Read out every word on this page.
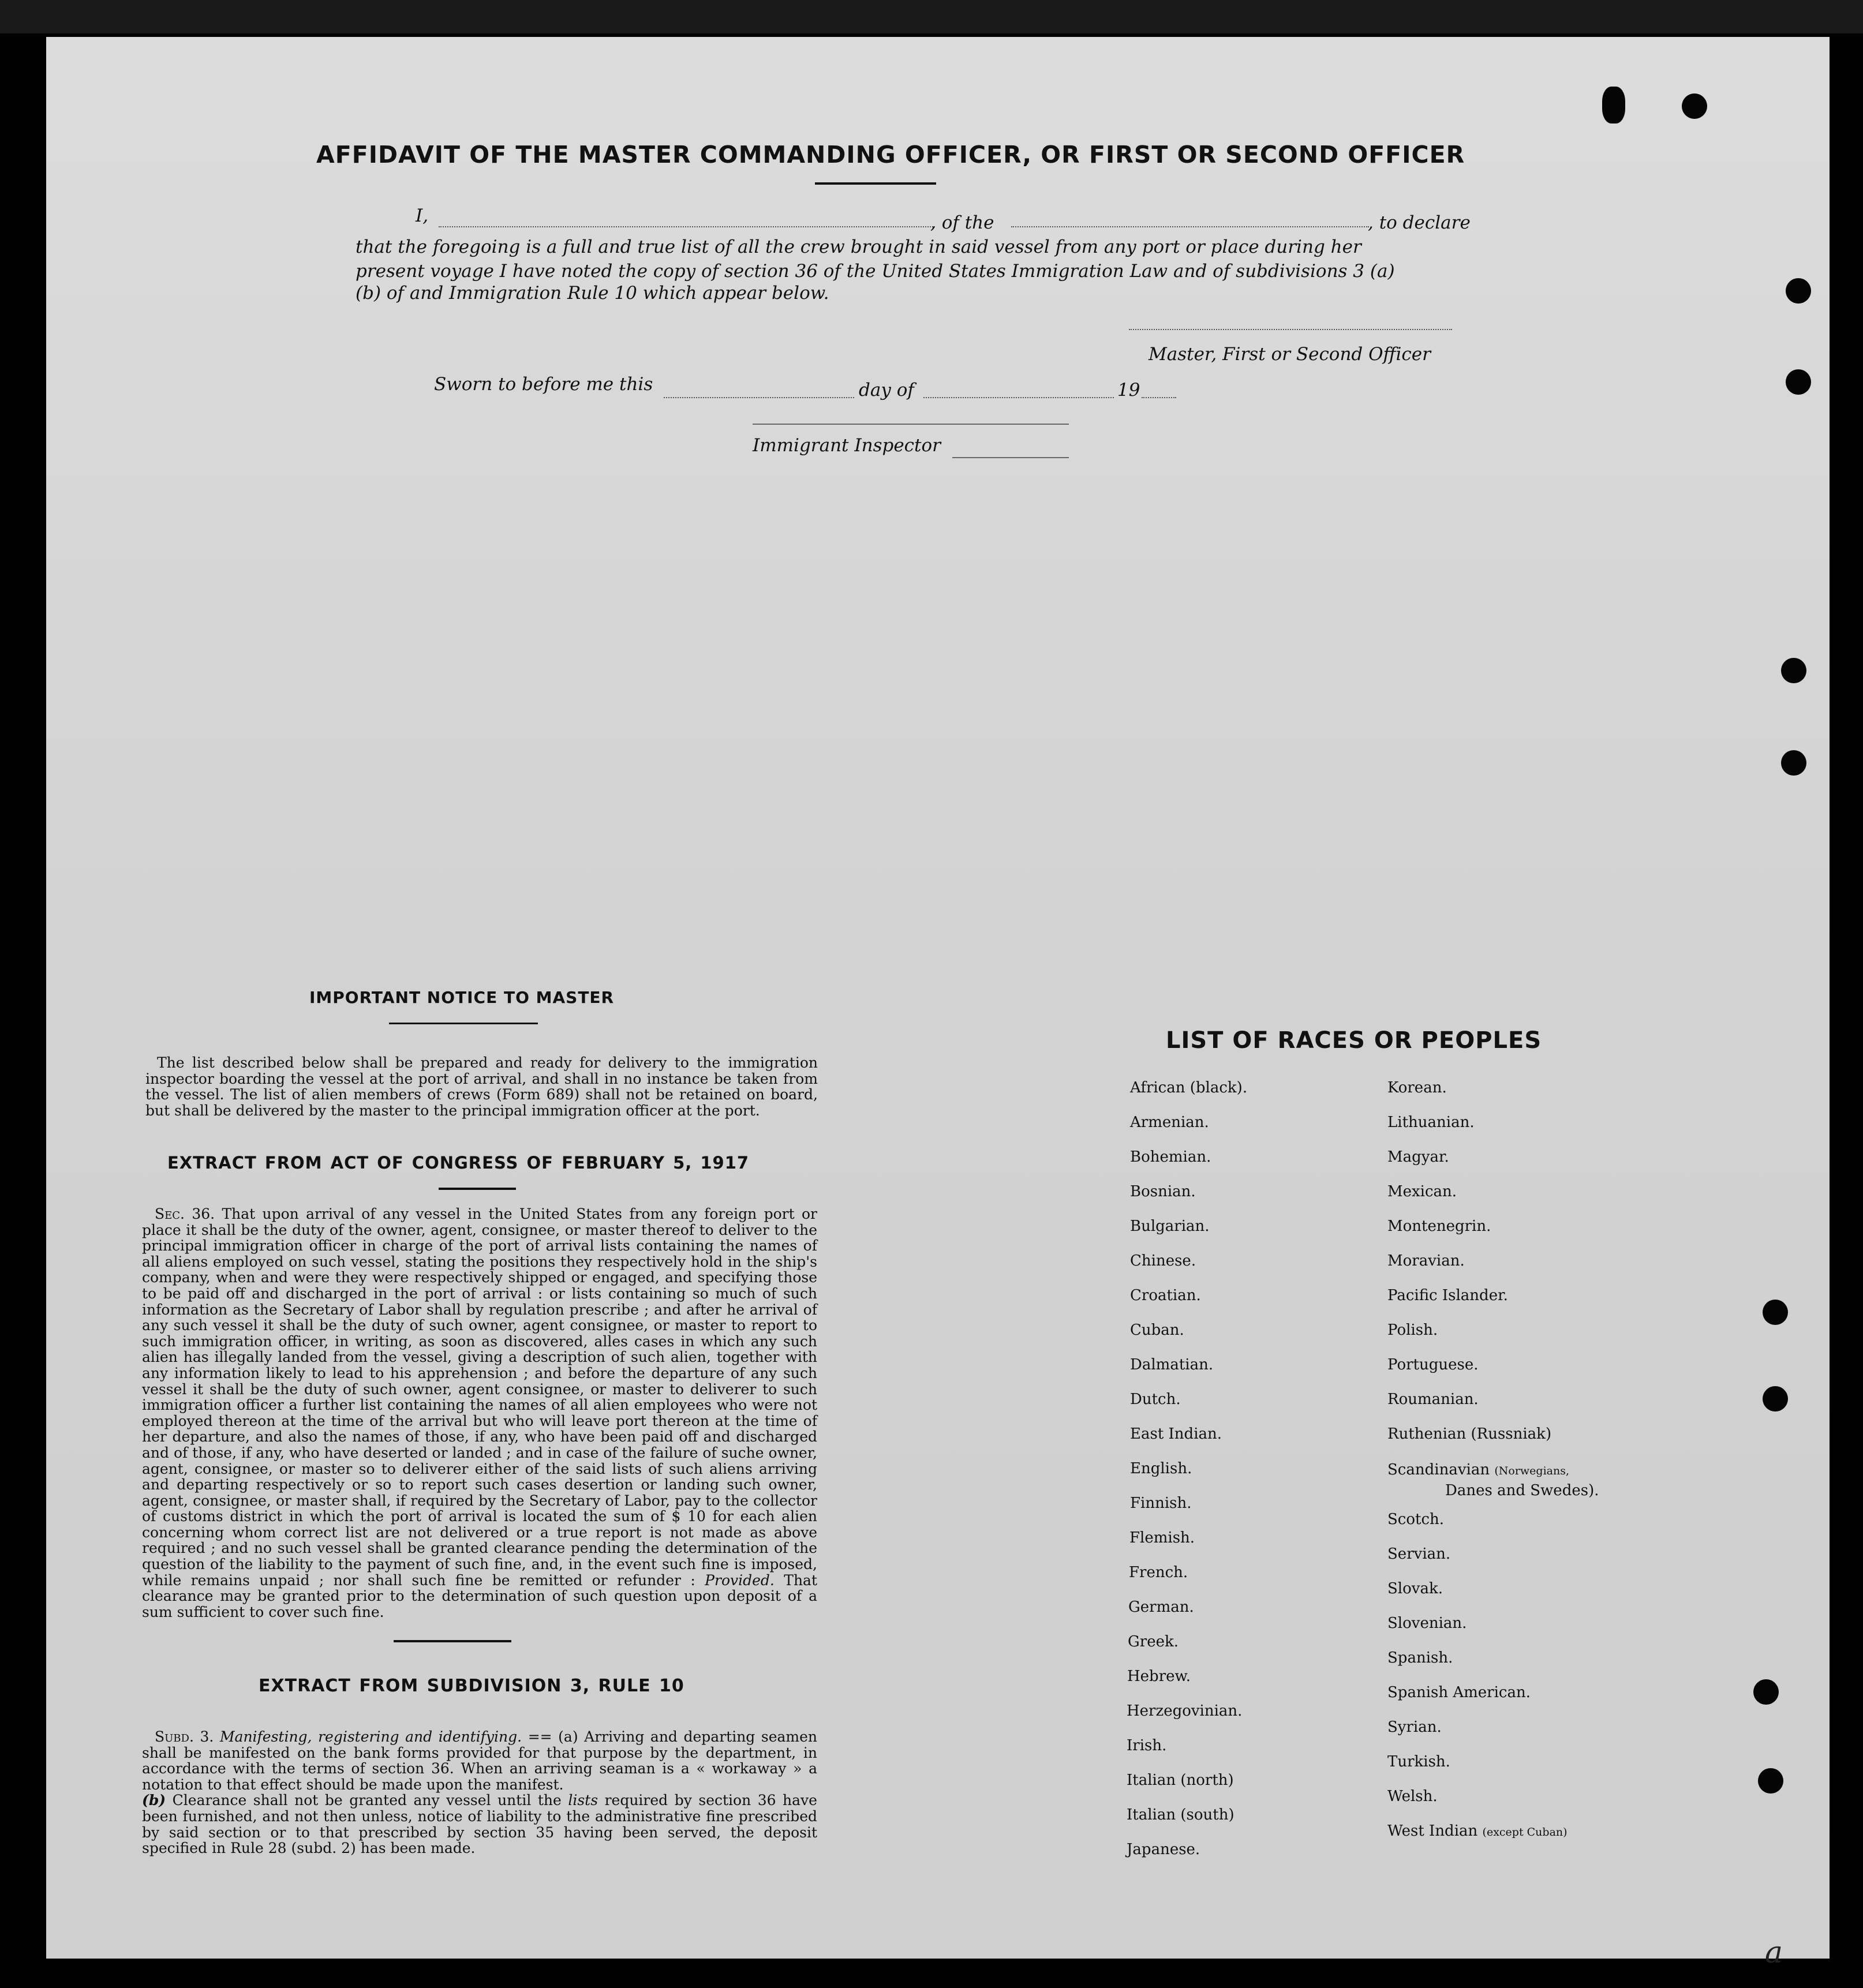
AFFIDAVIT OF THE MASTER COMMANDING OFFICER, OR FIRST OR SECOND OFFICER
I,	, of the	, to declare
that the foregoing is a full and true list of all the crew brought in said vessel from any port or place during her
present voyage I have noted the copy of section 36 of the United States Immigration Law and of subdivisions 3 (a)
(b) of and Immigration Rule 10 which appear below.
Master, First or Second Officer
Sworn to before me this	day of	19
Immigrant Inspector
IMPORTANT NOTICE TO MASTER
The list described below shall be prepared and ready for delivery to the immigration inspector boarding the vessel at the port of arrival, and shall in no instance be taken from the vessel. The list of alien members of crews (Form 689) shall not be retained on board, but shall be delivered by the master to the principal immigration officer at the port.
EXTRACT FROM ACT OF CONGRESS OF FEBRUARY 5, 1917
Sec. 36. That upon arrival of any vessel in the United States from any foreign port or place it shall be the duty of the owner, agent, consignee, or master thereof to deliver to the principal immigration officer in charge of the port of arrival lists containing the names of all aliens employed on such vessel, stating the positions they respectively hold in the ship's company, when and were they were respectively shipped or engaged, and specifying those to be paid off and discharged in the port of arrival : or lists containing so much of such information as the Secretary of Labor shall by regulation prescribe ; and after he arrival of any such vessel it shall be the duty of such owner, agent consignee, or master to report to such immigration officer, in writing, as soon as discovered, alles cases in which any such alien has illegally landed from the vessel, giving a description of such alien, together with any information likely to lead to his apprehension ; and before the departure of any such vessel it shall be the duty of such owner, agent consignee, or master to deliverer to such immigration officer a further list containing the names of all alien employees who were not employed thereon at the time of the arrival but who will leave port thereon at the time of her departure, and also the names of those, if any, who have been paid off and discharged and of those, if any, who have deserted or landed ; and in case of the failure of suche owner, agent, consignee, or master so to deliverer either of the said lists of such aliens arriving and departing respectively or so to report such cases desertion or landing such owner, agent, consignee, or master shall, if required by the Secretary of Labor, pay to the collector of customs district in which the port of arrival is located the sum of $ 10 for each alien concerning whom correct list are not delivered or a true report is not made as above required ; and no such vessel shall be granted clearance pending the determination of the question of the liability to the payment of such fine, and, in the event such fine is imposed, while remains unpaid ; nor shall such fine be remitted or refunder : Provided. That clearance may be granted prior to the determination of such question upon deposit of a sum sufficient to cover such fine.
EXTRACT FROM SUBDIVISION 3, RULE 10
Subd. 3. Manifesting, registering and identifying. == (a) Arriving and departing seamen shall be manifested on the bank forms provided for that purpose by the department, in accordance with the terms of section 36. When an arriving seaman is a « workaway » a notation to that effect should be made upon the manifest.
(b) Clearance shall not be granted any vessel until the lists required by section 36 have been furnished, and not then unless, notice of liability to the administrative fine prescribed by said section or to that prescribed by section 35 having been served, the deposit specified in Rule 28 (subd. 2) has been made.
LIST OF RACES OR PEOPLES
African (black).
Armenian.
Bohemian.
Bosnian.
Bulgarian.
Chinese.
Croatian.
Cuban.
Dalmatian.
Dutch.
East Indian.
English.
Finnish.
Flemish.
French.
German.
Greek.
Hebrew.
Herzegovinian.
Irish.
Italian (north)
Italian (south)
Japanese.
Korean.
Lithuanian.
Magyar.
Mexican.
Montenegrin.
Moravian.
Pacific Islander.
Polish.
Portuguese.
Roumanian.
Ruthenian (Russniak)
Scandinavian (Norwegians,
Danes and Swedes).
Scotch.
Servian.
Slovak.
Slovenian.
Spanish.
Spanish American.
Syrian.
Turkish.
Welsh.
West Indian (except Cuban)
a
